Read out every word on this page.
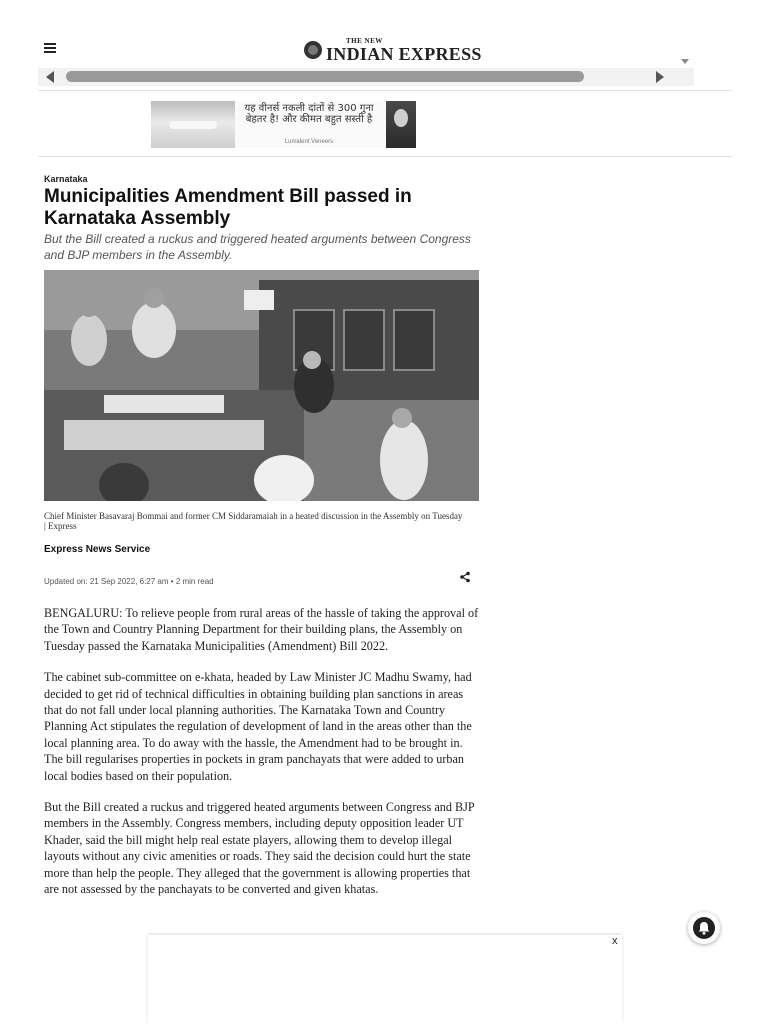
THE NEW
INDIAN EXPRESS
यह वीनर्स नकली दांतों से 300 गुना बेहतर है! और कीमत बहुत सस्ती है
Lumident Veneers
Karnataka
Municipalities Amendment Bill passed in Karnataka Assembly

But the Bill created a ruckus and triggered heated arguments between Congress and BJP members in the Assembly.

Chief Minister Basavaraj Bommai and former CM Siddaramaiah in a heated discussion in the Assembly on Tuesday | Express

Express News Service
Updated on: 21 Sep 2022, 6:27 am • 2 min read

BENGALURU: To relieve people from rural areas of the hassle of taking the approval of the Town and Country Planning Department for their building plans, the Assembly on Tuesday passed the Karnataka Municipalities (Amendment) Bill 2022.

The cabinet sub-committee on e-khata, headed by Law Minister JC Madhu Swamy, had decided to get rid of technical difficulties in obtaining building plan sanctions in areas that do not fall under local planning authorities. The Karnataka Town and Country Planning Act stipulates the regulation of development of land in the areas other than the local planning area. To do away with the hassle, the Amendment had to be brought in. The bill regularises properties in pockets in gram panchayats that were added to urban local bodies based on their population.

But the Bill created a ruckus and triggered heated arguments between Congress and BJP members in the Assembly. Congress members, including deputy opposition leader UT Khader, said the bill might help real estate players, allowing them to develop illegal layouts without any civic amenities or roads. They said the decision could hurt the state more than help the people. They alleged that the government is allowing properties that are not assessed by the panchayats to be converted and given khatas.

x
